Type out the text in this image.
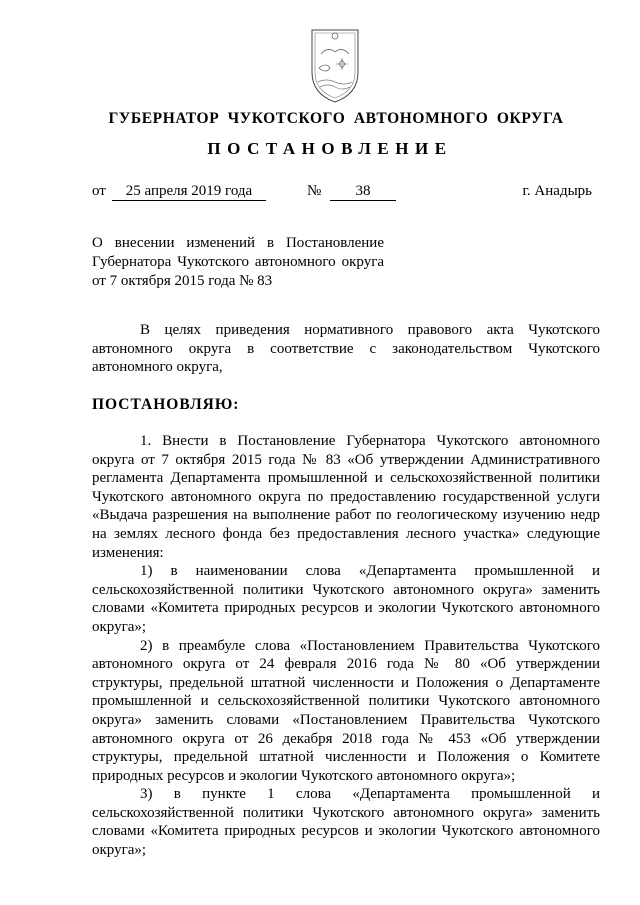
ГУБЕРНАТОР ЧУКОТСКОГО АВТОНОМНОГО ОКРУГА
ПОСТАНОВЛЕНИЕ
от	25 апреля 2019 года	№	38	г. Анадырь
О внесении изменений в Постановление
Губернатора Чукотского автономного округа
от 7 октября 2015 года № 83
В целях приведения нормативного правового акта Чукотского
автономного округа в соответствие с законодательством Чукотского
автономного округа,
ПОСТАНОВЛЯЮ:
1. Внести в Постановление Губернатора Чукотского автономного
округа от 7 октября 2015 года № 83 «Об утверждении Административного
регламента Департамента промышленной и сельскохозяйственной политики
Чукотского автономного округа по предоставлению государственной услуги
«Выдача разрешения на выполнение работ по геологическому изучению недр
на землях лесного фонда без предоставления лесного участка» следующие
изменения:
1) в наименовании слова «Департамента промышленной и
сельскохозяйственной политики Чукотского автономного округа» заменить
словами «Комитета природных ресурсов и экологии Чукотского автономного
округа»;
2) в преамбуле слова «Постановлением Правительства Чукотского
автономного округа от 24 февраля 2016 года № 80 «Об утверждении
структуры, предельной штатной численности и Положения о Департаменте
промышленной и сельскохозяйственной политики Чукотского автономного
округа» заменить словами «Постановлением Правительства Чукотского
автономного округа от 26 декабря 2018 года № 453 «Об утверждении
структуры, предельной штатной численности и Положения о Комитете
природных ресурсов и экологии Чукотского автономного округа»;
3) в пункте 1 слова «Департамента промышленной и
сельскохозяйственной политики Чукотского автономного округа» заменить
словами «Комитета природных ресурсов и экологии Чукотского автономного
округа»;
